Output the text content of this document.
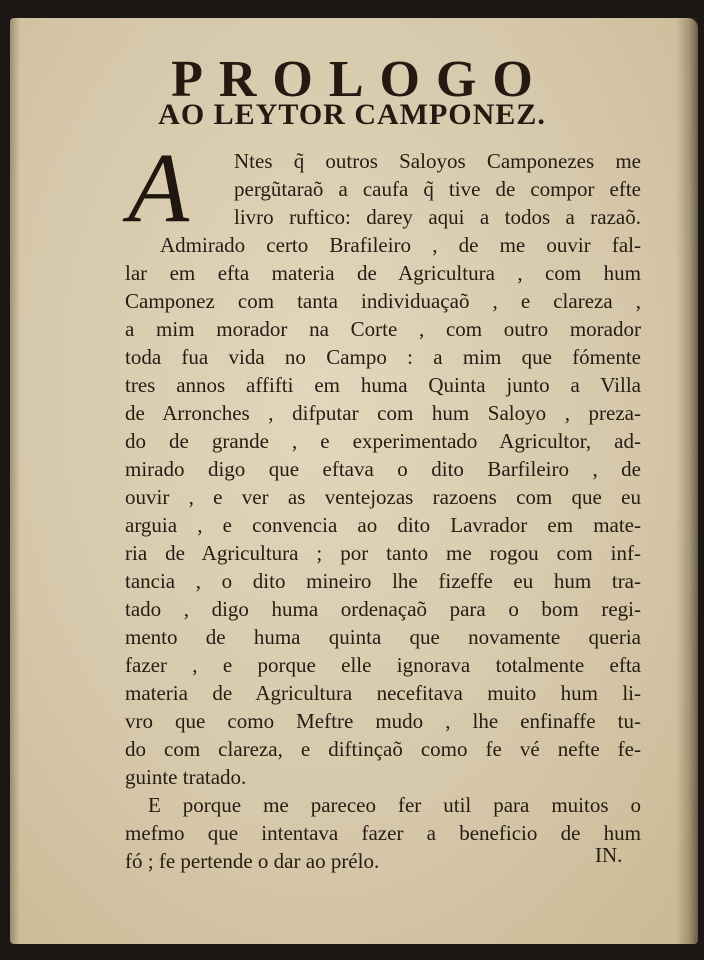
PROLOGO
AO LEYTOR CAMPONEZ.
A Ntes q̃ outros Saloyos Camponezes me

pergũtaraõ a caufa q̃ tive de compor efte

livro ruftico: darey aqui a todos a razaõ.

Admirado certo Brafileiro , de me ouvir fal-

lar em efta materia de Agricultura , com hum

Camponez com tanta individuaçaõ , e clareza ,

a mim morador na Corte , com outro morador

toda fua vida no Campo : a mim que fómente

tres annos affifti em huma Quinta junto a Villa

de Arronches , difputar com hum Saloyo , preza-

do de grande , e experimentado Agricultor, ad-

mirado digo que eftava o dito Barfileiro , de

ouvir , e ver as ventejozas razoens com que eu

arguia , e convencia ao dito Lavrador em mate-

ria de Agricultura ; por tanto me rogou com inf-

tancia , o dito mineiro lhe fizeffe eu hum tra-

tado , digo huma ordenaçaõ para o bom regi-

mento de huma quinta que novamente queria

fazer , e porque elle ignorava totalmente efta

materia de Agricultura necefitava muito hum li-

vro que como Meftre mudo , lhe enfinaffe tu-

do com clareza, e diftinçaõ como fe vé nefte fe-

guinte tratado.

E porque me pareceo fer util para muitos o

mefmo que intentava fazer a beneficio de hum

fó ; fe pertende o dar ao prélo.	IN.
